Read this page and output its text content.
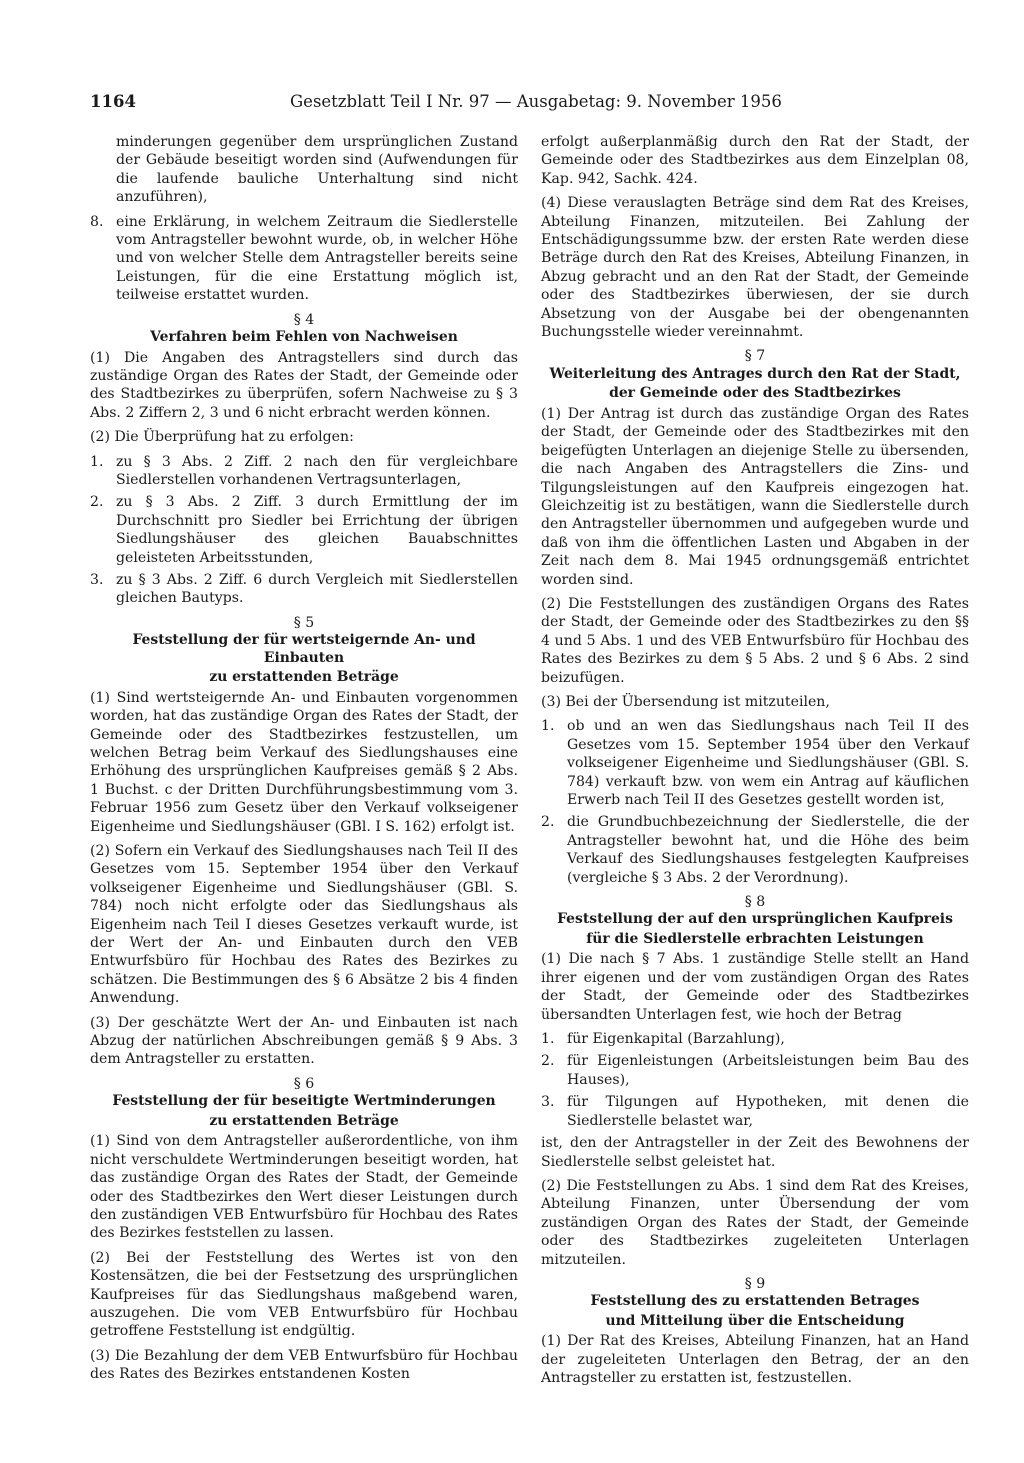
1164	Gesetzblatt Teil I Nr. 97 — Ausgabetag: 9. November 1956

minderungen gegenüber dem ursprünglichen Zustand der Gebäude beseitigt worden sind (Aufwendungen für die laufende bauliche Unterhaltung sind nicht anzuführen),

8. eine Erklärung, in welchem Zeitraum die Siedlerstelle vom Antragsteller bewohnt wurde, ob, in welcher Höhe und von welcher Stelle dem Antragsteller bereits seine Leistungen, für die eine Erstattung möglich ist, teilweise erstattet wurden.
§ 4
Verfahren beim Fehlen von Nachweisen

(1) Die Angaben des Antragstellers sind durch das zuständige Organ des Rates der Stadt, der Gemeinde oder des Stadtbezirkes zu überprüfen, sofern Nachweise zu § 3 Abs. 2 Ziffern 2, 3 und 6 nicht erbracht werden können.

(2) Die Überprüfung hat zu erfolgen:

1. zu § 3 Abs. 2 Ziff. 2 nach den für vergleichbare Siedlerstellen vorhandenen Vertragsunterlagen,
2. zu § 3 Abs. 2 Ziff. 3 durch Ermittlung der im Durchschnitt pro Siedler bei Errichtung der übrigen Siedlungshäuser des gleichen Bauabschnittes geleisteten Arbeitsstunden,
3. zu § 3 Abs. 2 Ziff. 6 durch Vergleich mit Siedlerstellen gleichen Bautyps.
§ 5
Feststellung der für wertsteigernde An- und Einbauten
zu erstattenden Beträge

(1) Sind wertsteigernde An- und Einbauten vorgenommen worden, hat das zuständige Organ des Rates der Stadt, der Gemeinde oder des Stadtbezirkes festzustellen, um welchen Betrag beim Verkauf des Siedlungshauses eine Erhöhung des ursprünglichen Kaufpreises gemäß § 2 Abs. 1 Buchst. c der Dritten Durchführungsbestimmung vom 3. Februar 1956 zum Gesetz über den Verkauf volkseigener Eigenheime und Siedlungshäuser (GBl. I S. 162) erfolgt ist.

(2) Sofern ein Verkauf des Siedlungshauses nach Teil II des Gesetzes vom 15. September 1954 über den Verkauf volkseigener Eigenheime und Siedlungshäuser (GBl. S. 784) noch nicht erfolgte oder das Siedlungshaus als Eigenheim nach Teil I dieses Gesetzes verkauft wurde, ist der Wert der An- und Einbauten durch den VEB Entwurfsbüro für Hochbau des Rates des Bezirkes zu schätzen. Die Bestimmungen des § 6 Absätze 2 bis 4 finden Anwendung.

(3) Der geschätzte Wert der An- und Einbauten ist nach Abzug der natürlichen Abschreibungen gemäß § 9 Abs. 3 dem Antragsteller zu erstatten.

§ 6
Feststellung der für beseitigte Wertminderungen
zu erstattenden Beträge

(1) Sind von dem Antragsteller außerordentliche, von ihm nicht verschuldete Wertminderungen beseitigt worden, hat das zuständige Organ des Rates der Stadt, der Gemeinde oder des Stadtbezirkes den Wert dieser Leistungen durch den zuständigen VEB Entwurfsbüro für Hochbau des Rates des Bezirkes feststellen zu lassen.

(2) Bei der Feststellung des Wertes ist von den Kostensätzen, die bei der Festsetzung des ursprünglichen Kaufpreises für das Siedlungshaus maßgebend waren, auszugehen. Die vom VEB Entwurfsbüro für Hochbau getroffene Feststellung ist endgültig.

(3) Die Bezahlung der dem VEB Entwurfsbüro für Hochbau des Rates des Bezirkes entstandenen Kosten

erfolgt außerplanmäßig durch den Rat der Stadt, der Gemeinde oder des Stadtbezirkes aus dem Einzelplan 08, Kap. 942, Sachk. 424.

(4) Diese verauslagten Beträge sind dem Rat des Kreises, Abteilung Finanzen, mitzuteilen. Bei Zahlung der Entschädigungssumme bzw. der ersten Rate werden diese Beträge durch den Rat des Kreises, Abteilung Finanzen, in Abzug gebracht und an den Rat der Stadt, der Gemeinde oder des Stadtbezirkes überwiesen, der sie durch Absetzung von der Ausgabe bei der obengenannten Buchungsstelle wieder vereinnahmt.

§ 7
Weiterleitung des Antrages durch den Rat der Stadt,
der Gemeinde oder des Stadtbezirkes

(1) Der Antrag ist durch das zuständige Organ des Rates der Stadt, der Gemeinde oder des Stadtbezirkes mit den beigefügten Unterlagen an diejenige Stelle zu übersenden, die nach Angaben des Antragstellers die Zins- und Tilgungsleistungen auf den Kaufpreis eingezogen hat. Gleichzeitig ist zu bestätigen, wann die Siedlerstelle durch den Antragsteller übernommen und aufgegeben wurde und daß von ihm die öffentlichen Lasten und Abgaben in der Zeit nach dem 8. Mai 1945 ordnungsgemäß entrichtet worden sind.

(2) Die Feststellungen des zuständigen Organs des Rates der Stadt, der Gemeinde oder des Stadtbezirkes zu den §§ 4 und 5 Abs. 1 und des VEB Entwurfsbüro für Hochbau des Rates des Bezirkes zu dem § 5 Abs. 2 und § 6 Abs. 2 sind beizufügen.

(3) Bei der Übersendung ist mitzuteilen,

1. ob und an wen das Siedlungshaus nach Teil II des Gesetzes vom 15. September 1954 über den Verkauf volkseigener Eigenheime und Siedlungshäuser (GBl. S. 784) verkauft bzw. von wem ein Antrag auf käuflichen Erwerb nach Teil II des Gesetzes gestellt worden ist,
2. die Grundbuchbezeichnung der Siedlerstelle, die der Antragsteller bewohnt hat, und die Höhe des beim Verkauf des Siedlungshauses festgelegten Kaufpreises (vergleiche § 3 Abs. 2 der Verordnung).
§ 8
Feststellung der auf den ursprünglichen Kaufpreis
für die Siedlerstelle erbrachten Leistungen

(1) Die nach § 7 Abs. 1 zuständige Stelle stellt an Hand ihrer eigenen und der vom zuständigen Organ des Rates der Stadt, der Gemeinde oder des Stadtbezirkes übersandten Unterlagen fest, wie hoch der Betrag

1. für Eigenkapital (Barzahlung),
2. für Eigenleistungen (Arbeitsleistungen beim Bau des Hauses),
3. für Tilgungen auf Hypotheken, mit denen die Siedlerstelle belastet war,

ist, den der Antragsteller in der Zeit des Bewohnens der Siedlerstelle selbst geleistet hat.

(2) Die Feststellungen zu Abs. 1 sind dem Rat des Kreises, Abteilung Finanzen, unter Übersendung der vom zuständigen Organ des Rates der Stadt, der Gemeinde oder des Stadtbezirkes zugeleiteten Unterlagen mitzuteilen.

§ 9
Feststellung des zu erstattenden Betrages
und Mitteilung über die Entscheidung

(1) Der Rat des Kreises, Abteilung Finanzen, hat an Hand der zugeleiteten Unterlagen den Betrag, der an den Antragsteller zu erstatten ist, festzustellen.
